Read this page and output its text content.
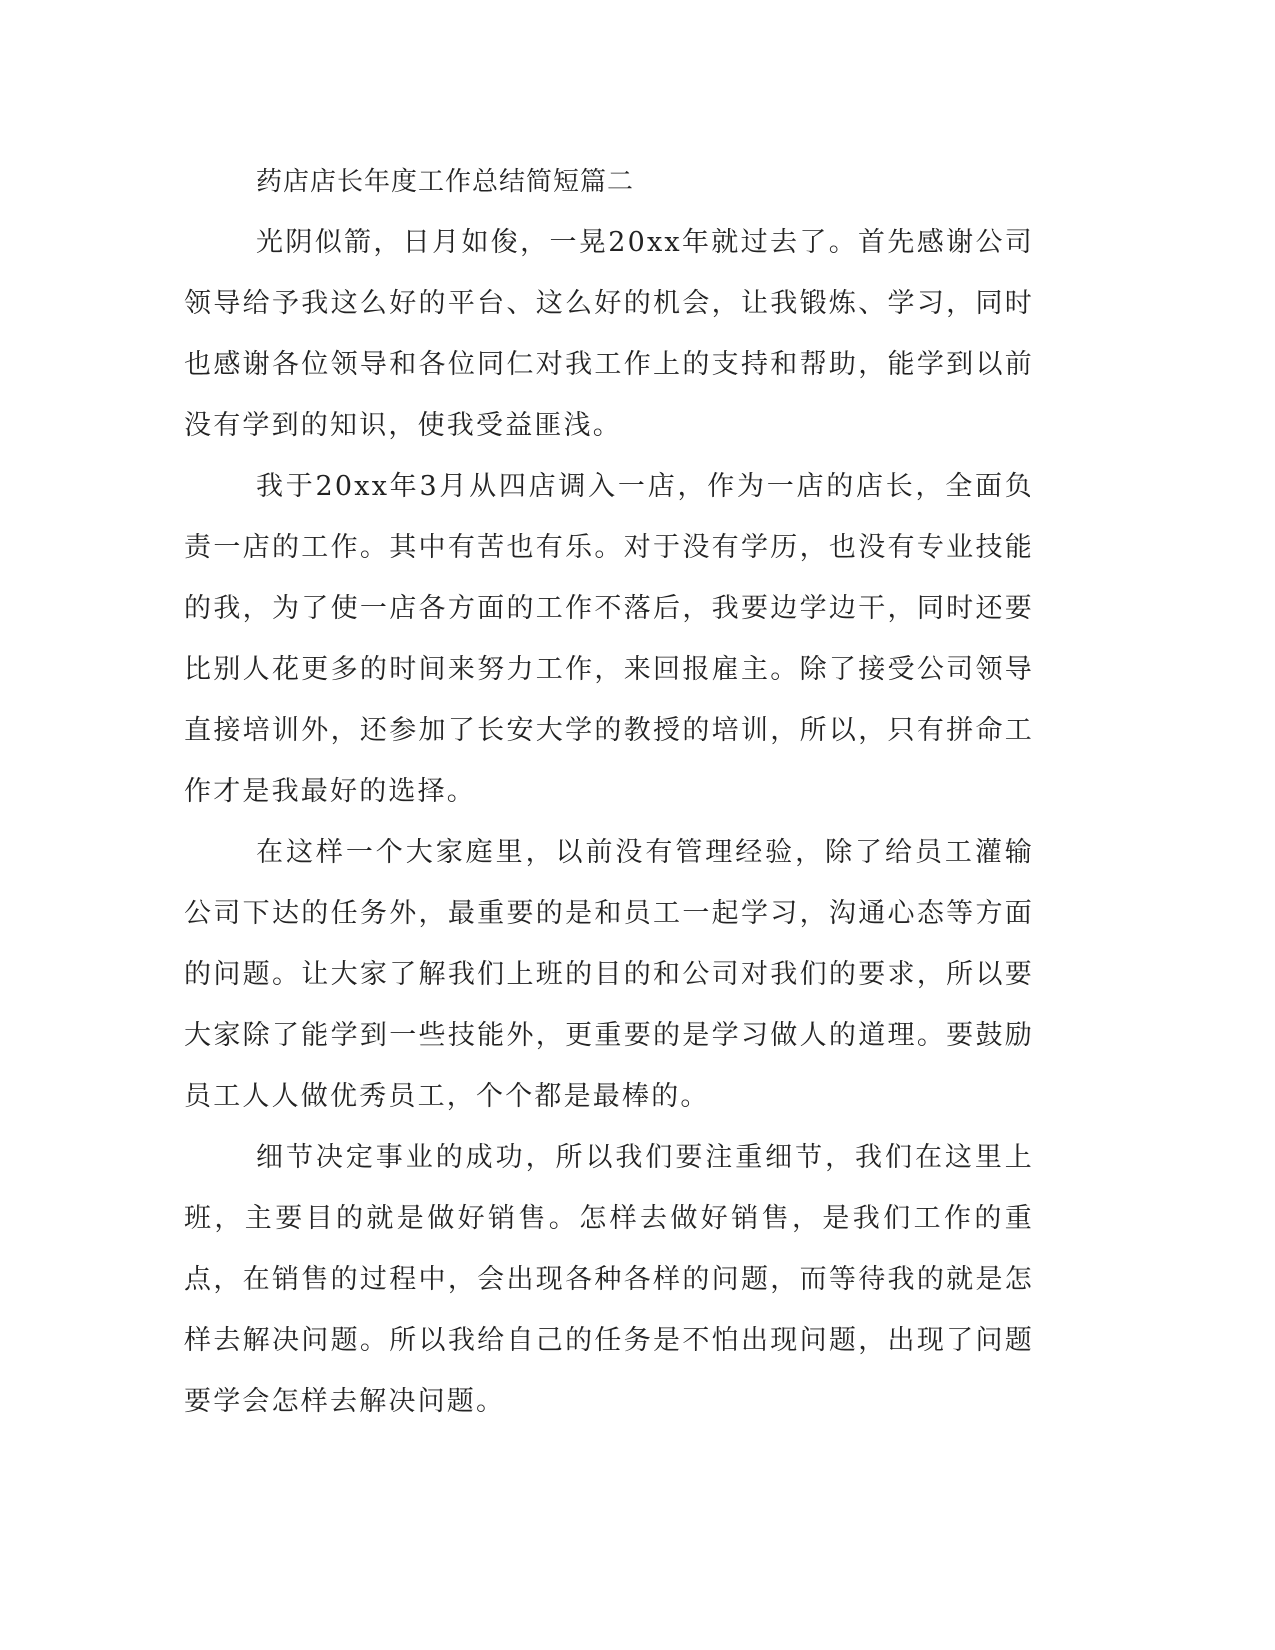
药店店长年度工作总结简短篇二

光阴似箭，日月如俊，一晃20xx年就过去了。首先感谢公司领导给予我这么好的平台、这么好的机会，让我锻炼、学习，同时也感谢各位领导和各位同仁对我工作上的支持和帮助，能学到以前没有学到的知识，使我受益匪浅。

我于20xx年3月从四店调入一店，作为一店的店长，全面负责一店的工作。其中有苦也有乐。对于没有学历，也没有专业技能的我，为了使一店各方面的工作不落后，我要边学边干，同时还要比别人花更多的时间来努力工作，来回报雇主。除了接受公司领导直接培训外，还参加了长安大学的教授的培训，所以，只有拼命工作才是我最好的选择。

在这样一个大家庭里，以前没有管理经验，除了给员工灌输公司下达的任务外，最重要的是和员工一起学习，沟通心态等方面的问题。让大家了解我们上班的目的和公司对我们的要求，所以要大家除了能学到一些技能外，更重要的是学习做人的道理。要鼓励员工人人做优秀员工，个个都是最棒的。

细节决定事业的成功，所以我们要注重细节，我们在这里上班，主要目的就是做好销售。怎样去做好销售，是我们工作的重点，在销售的过程中，会出现各种各样的问题，而等待我的就是怎样去解决问题。所以我给自己的任务是不怕出现问题，出现了问题要学会怎样去解决问题。
